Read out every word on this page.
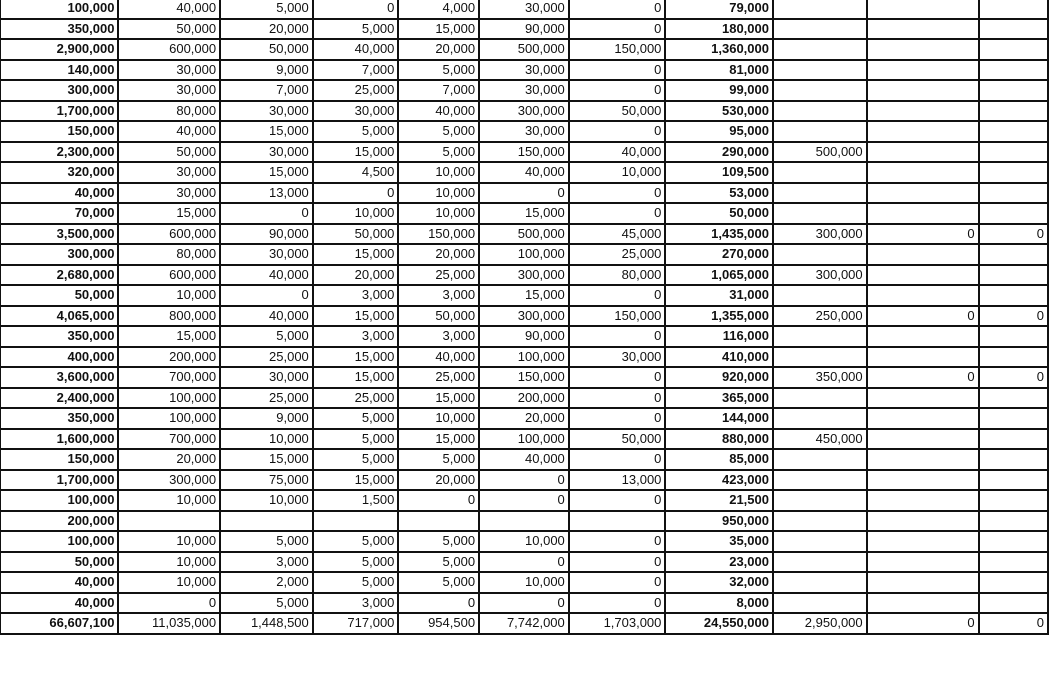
100,000	40,000	5,000	0	4,000	30,000	0	79,000			
350,000	50,000	20,000	5,000	15,000	90,000	0	180,000			
2,900,000	600,000	50,000	40,000	20,000	500,000	150,000	1,360,000			
140,000	30,000	9,000	7,000	5,000	30,000	0	81,000			
300,000	30,000	7,000	25,000	7,000	30,000	0	99,000			
1,700,000	80,000	30,000	30,000	40,000	300,000	50,000	530,000			
150,000	40,000	15,000	5,000	5,000	30,000	0	95,000			
2,300,000	50,000	30,000	15,000	5,000	150,000	40,000	290,000	500,000		
320,000	30,000	15,000	4,500	10,000	40,000	10,000	109,500			
40,000	30,000	13,000	0	10,000	0	0	53,000			
70,000	15,000	0	10,000	10,000	15,000	0	50,000			
3,500,000	600,000	90,000	50,000	150,000	500,000	45,000	1,435,000	300,000	0	0
300,000	80,000	30,000	15,000	20,000	100,000	25,000	270,000			
2,680,000	600,000	40,000	20,000	25,000	300,000	80,000	1,065,000	300,000		
50,000	10,000	0	3,000	3,000	15,000	0	31,000			
4,065,000	800,000	40,000	15,000	50,000	300,000	150,000	1,355,000	250,000	0	0
350,000	15,000	5,000	3,000	3,000	90,000	0	116,000			
400,000	200,000	25,000	15,000	40,000	100,000	30,000	410,000			
3,600,000	700,000	30,000	15,000	25,000	150,000	0	920,000	350,000	0	0
2,400,000	100,000	25,000	25,000	15,000	200,000	0	365,000			
350,000	100,000	9,000	5,000	10,000	20,000	0	144,000			
1,600,000	700,000	10,000	5,000	15,000	100,000	50,000	880,000	450,000		
150,000	20,000	15,000	5,000	5,000	40,000	0	85,000			
1,700,000	300,000	75,000	15,000	20,000	0	13,000	423,000			
100,000	10,000	10,000	1,500	0	0	0	21,500			
200,000							950,000			
100,000	10,000	5,000	5,000	5,000	10,000	0	35,000			
50,000	10,000	3,000	5,000	5,000	0	0	23,000			
40,000	10,000	2,000	5,000	5,000	10,000	0	32,000			
40,000	0	5,000	3,000	0	0	0	8,000			
66,607,100	11,035,000	1,448,500	717,000	954,500	7,742,000	1,703,000	24,550,000	2,950,000	0	0
